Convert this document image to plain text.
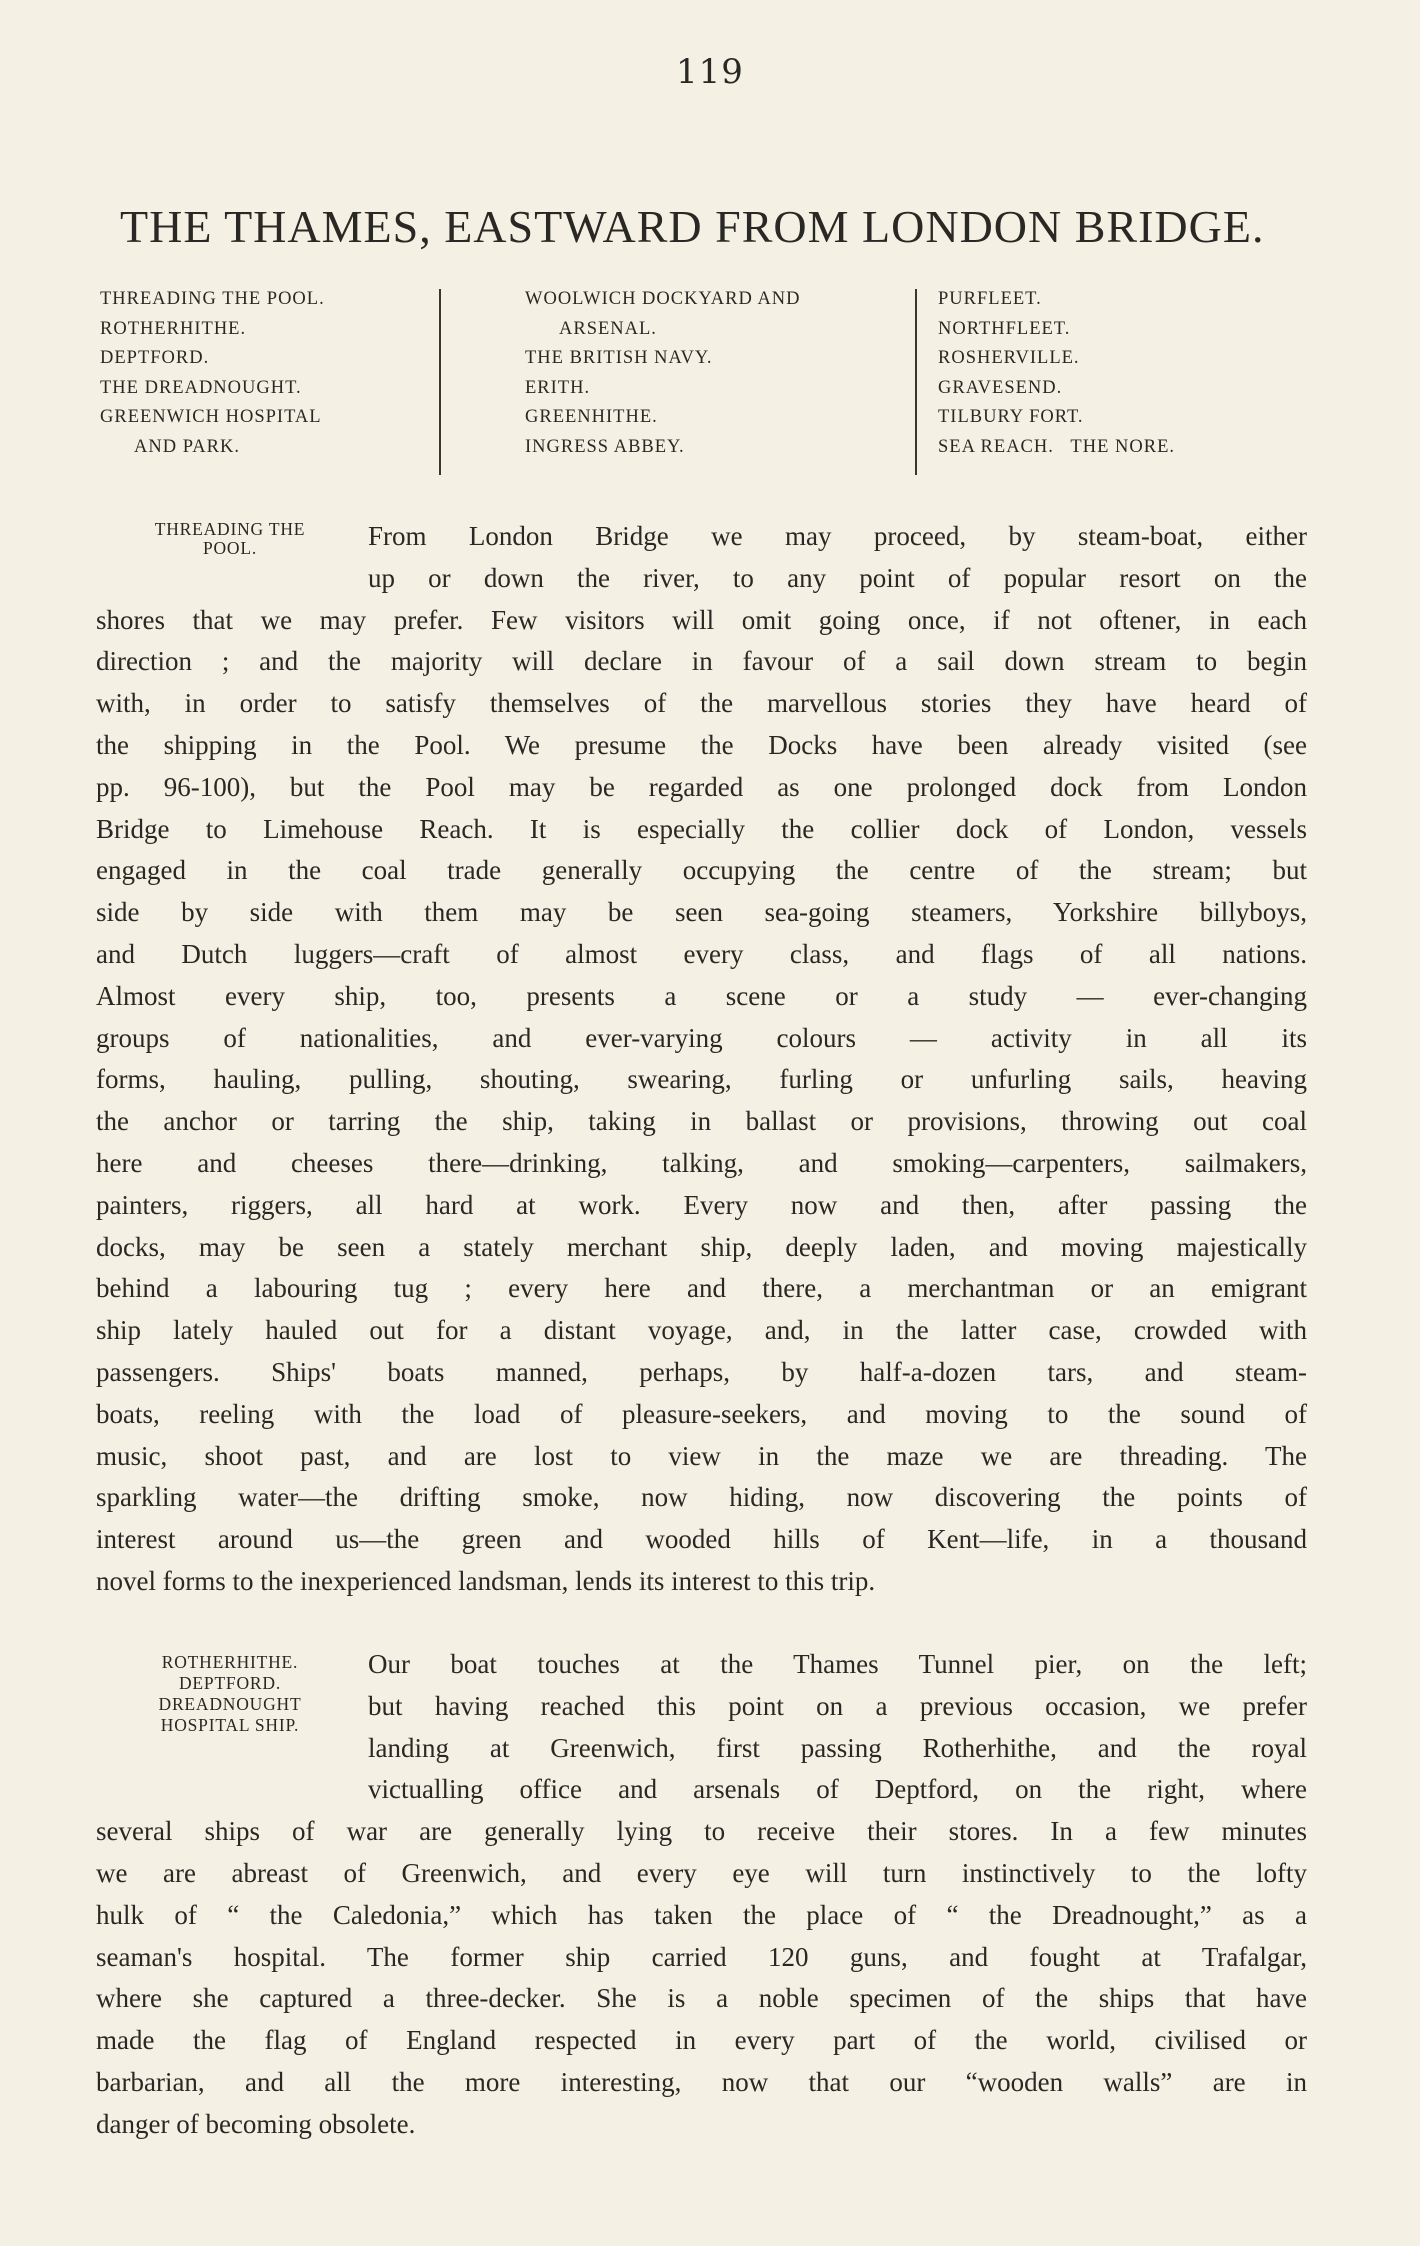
119
THE THAMES, EASTWARD FROM LONDON BRIDGE.
THREADING THE POOL.
ROTHERHITHE.
DEPTFORD.
THE DREADNOUGHT.
GREENWICH HOSPITAL
AND PARK.
WOOLWICH DOCKYARD AND
ARSENAL.
THE BRITISH NAVY.
ERITH.
GREENHITHE.
INGRESS ABBEY.
PURFLEET.
NORTHFLEET.
ROSHERVILLE.
GRAVESEND.
TILBURY FORT.
SEA REACH.   THE NORE.
THREADING THE
POOL.	From London Bridge we may proceed, by steam-boat, either
up or down the river, to any point of popular resort on the
shores that we may prefer. Few visitors will omit going once, if not oftener, in each
direction ; and the majority will declare in favour of a sail down stream to begin
with, in order to satisfy themselves of the marvellous stories they have heard of
the shipping in the Pool. We presume the Docks have been already visited (see
pp. 96-100), but the Pool may be regarded as one prolonged dock from London
Bridge to Limehouse Reach. It is especially the collier dock of London, vessels
engaged in the coal trade generally occupying the centre of the stream; but
side by side with them may be seen sea-going steamers, Yorkshire billyboys,
and Dutch luggers—craft of almost every class, and flags of all nations.
Almost every ship, too, presents a scene or a study — ever-changing
groups of nationalities, and ever-varying colours — activity in all its
forms, hauling, pulling, shouting, swearing, furling or unfurling sails, heaving
the anchor or tarring the ship, taking in ballast or provisions, throwing out coal
here and cheeses there—drinking, talking, and smoking—carpenters, sailmakers,
painters, riggers, all hard at work. Every now and then, after passing the
docks, may be seen a stately merchant ship, deeply laden, and moving majestically
behind a labouring tug ; every here and there, a merchantman or an emigrant
ship lately hauled out for a distant voyage, and, in the latter case, crowded with
passengers. Ships' boats manned, perhaps, by half-a-dozen tars, and steam-
boats, reeling with the load of pleasure-seekers, and moving to the sound of
music, shoot past, and are lost to view in the maze we are threading. The
sparkling water—the drifting smoke, now hiding, now discovering the points of
interest around us—the green and wooded hills of Kent—life, in a thousand
novel forms to the inexperienced landsman, lends its interest to this trip.
ROTHERHITHE.
DEPTFORD.
DREADNOUGHT
HOSPITAL SHIP.
Our boat touches at the Thames Tunnel pier, on the left;
but having reached this point on a previous occasion, we prefer
landing at Greenwich, first passing Rotherhithe, and the royal
victualling office and arsenals of Deptford, on the right, where
several ships of war are generally lying to receive their stores. In a few minutes
we are abreast of Greenwich, and every eye will turn instinctively to the lofty
hulk of “ the Caledonia,” which has taken the place of “ the Dreadnought,” as a
seaman's hospital. The former ship carried 120 guns, and fought at Trafalgar,
where she captured a three-decker. She is a noble specimen of the ships that have
made the flag of England respected in every part of the world, civilised or
barbarian, and all the more interesting, now that our “wooden walls” are in
danger of becoming obsolete.
